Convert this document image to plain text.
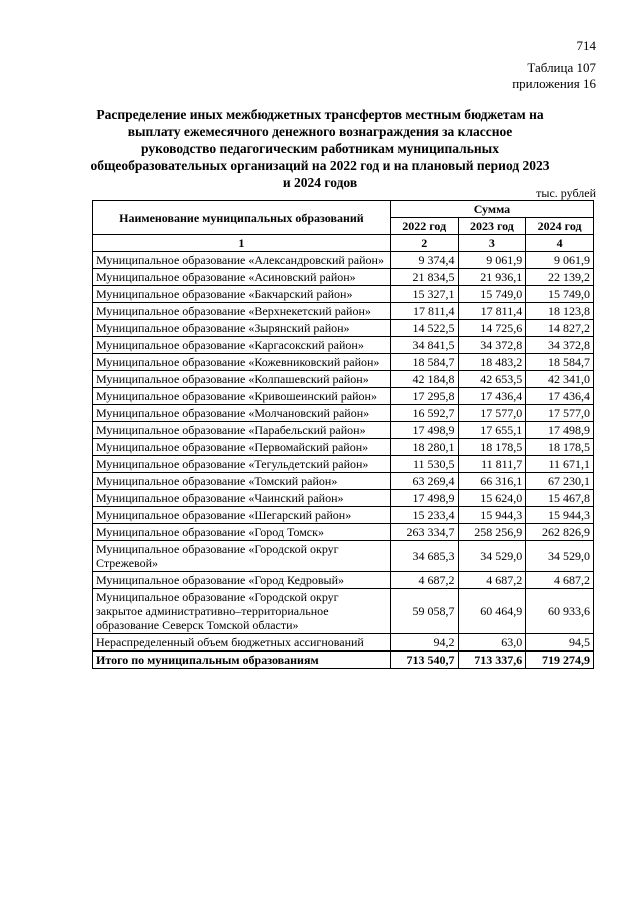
714
Таблица 107
приложения 16
Распределение иных межбюджетных трансфертов местным бюджетам на выплату ежемесячного денежного вознаграждения за классное руководство педагогическим работникам муниципальных общеобразовательных организаций на 2022 год и на плановый период 2023 и 2024 годов
тыс. рублей
Наименование муниципальных образований	Сумма		
	2022 год	2023 год	2024 год
1	2	3	4
Муниципальное образование «Александровский район»	9 374,4	9 061,9	9 061,9
Муниципальное образование «Асиновский район»	21 834,5	21 936,1	22 139,2
Муниципальное образование «Бакчарский район»	15 327,1	15 749,0	15 749,0
Муниципальное образование «Верхнекетский район»	17 811,4	17 811,4	18 123,8
Муниципальное образование «Зырянский район»	14 522,5	14 725,6	14 827,2
Муниципальное образование «Каргасокский район»	34 841,5	34 372,8	34 372,8
Муниципальное образование «Кожевниковский район»	18 584,7	18 483,2	18 584,7
Муниципальное образование «Колпашевский район»	42 184,8	42 653,5	42 341,0
Муниципальное образование «Кривошеинский район»	17 295,8	17 436,4	17 436,4
Муниципальное образование «Молчановский район»	16 592,7	17 577,0	17 577,0
Муниципальное образование «Парабельский район»	17 498,9	17 655,1	17 498,9
Муниципальное образование «Первомайский район»	18 280,1	18 178,5	18 178,5
Муниципальное образование «Тегульдетский район»	11 530,5	11 811,7	11 671,1
Муниципальное образование «Томский район»	63 269,4	66 316,1	67 230,1
Муниципальное образование «Чаинский район»	17 498,9	15 624,0	15 467,8
Муниципальное образование «Шегарский район»	15 233,4	15 944,3	15 944,3
Муниципальное образование «Город Томск»	263 334,7	258 256,9	262 826,9
Муниципальное образование «Городской округ Стрежевой»	34 685,3	34 529,0	34 529,0
Муниципальное образование «Город Кедровый»	4 687,2	4 687,2	4 687,2
Муниципальное образование «Городской округ закрытое административно–территориальное образование Северск Томской области»	59 058,7	60 464,9	60 933,6
Нераспределенный объем бюджетных ассигнований	94,2	63,0	94,5
Итого по муниципальным образованиям	713 540,7	713 337,6	719 274,9
